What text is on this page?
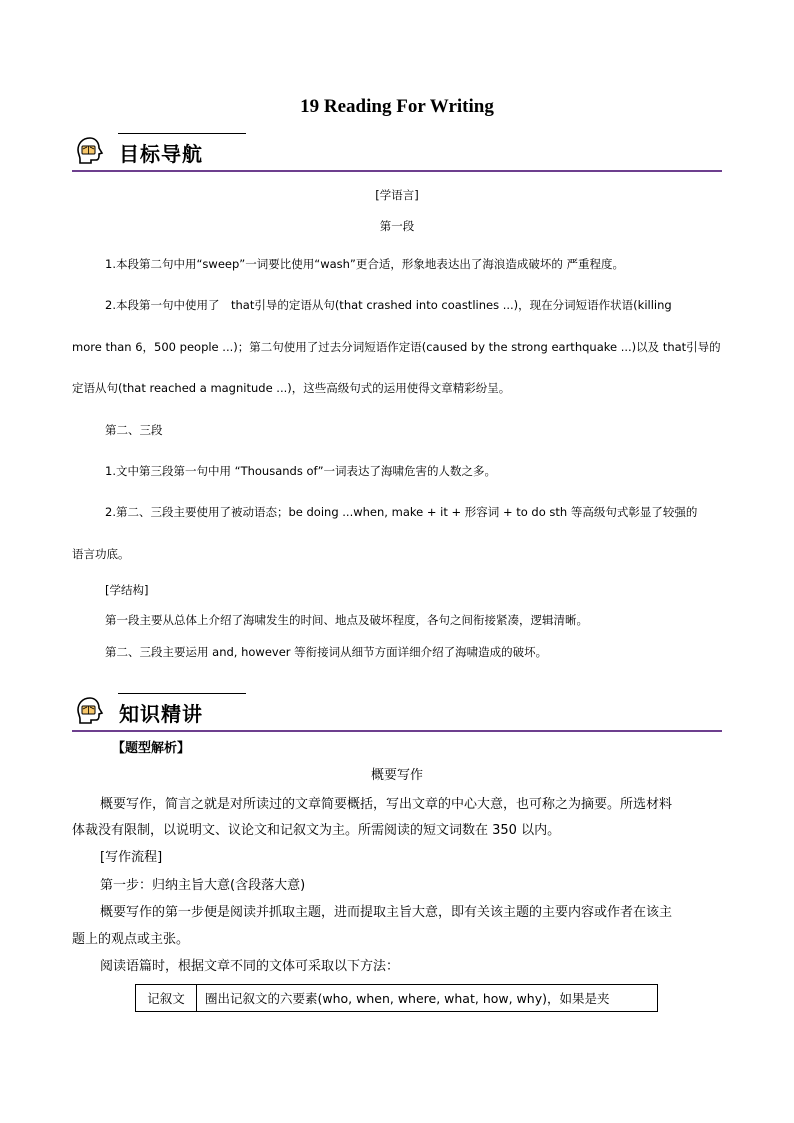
19 Reading For Writing
目标导航
[学语言]
第一段
1.本段第二句中用“sweep”一词要比使用“wash”更合适，形象地表达出了海浪造成破坏的 严重程度。
2.本段第一句中使用了　that引导的定语从句(that crashed into coastlines ...)，现在分词短语作状语(killing
more than 6，500 people ...)；第二句使用了过去分词短语作定语(caused by the strong earthquake ...)以及 that引导的
定语从句(that reached a magnitude ...)，这些高级句式的运用使得文章精彩纷呈。
第二、三段
1.文中第三段第一句中用 “Thousands of”一词表达了海啸危害的人数之多。
2.第二、三段主要使用了被动语态；be doing ...when, make + it + 形容词 + to do sth 等高级句式彰显了较强的
语言功底。
[学结构]
第一段主要从总体上介绍了海啸发生的时间、地点及破坏程度，各句之间衔接紧凑，逻辑清晰。
第二、三段主要运用 and, however 等衔接词从细节方面详细介绍了海啸造成的破坏。
知识精讲
【题型解析】
概要写作
概要写作，简言之就是对所读过的文章简要概括，写出文章的中心大意，也可称之为摘要。所选材料
体裁没有限制，以说明文、议论文和记叙文为主。所需阅读的短文词数在 350 以内。
[写作流程]
第一步：归纳主旨大意(含段落大意)
概要写作的第一步便是阅读并抓取主题，进而提取主旨大意，即有关该主题的主要内容或作者在该主
题上的观点或主张。
阅读语篇时，根据文章不同的文体可采取以下方法：
记叙文	圈出记叙文的六要素(who, when, where, what, how, why)，如果是夹
